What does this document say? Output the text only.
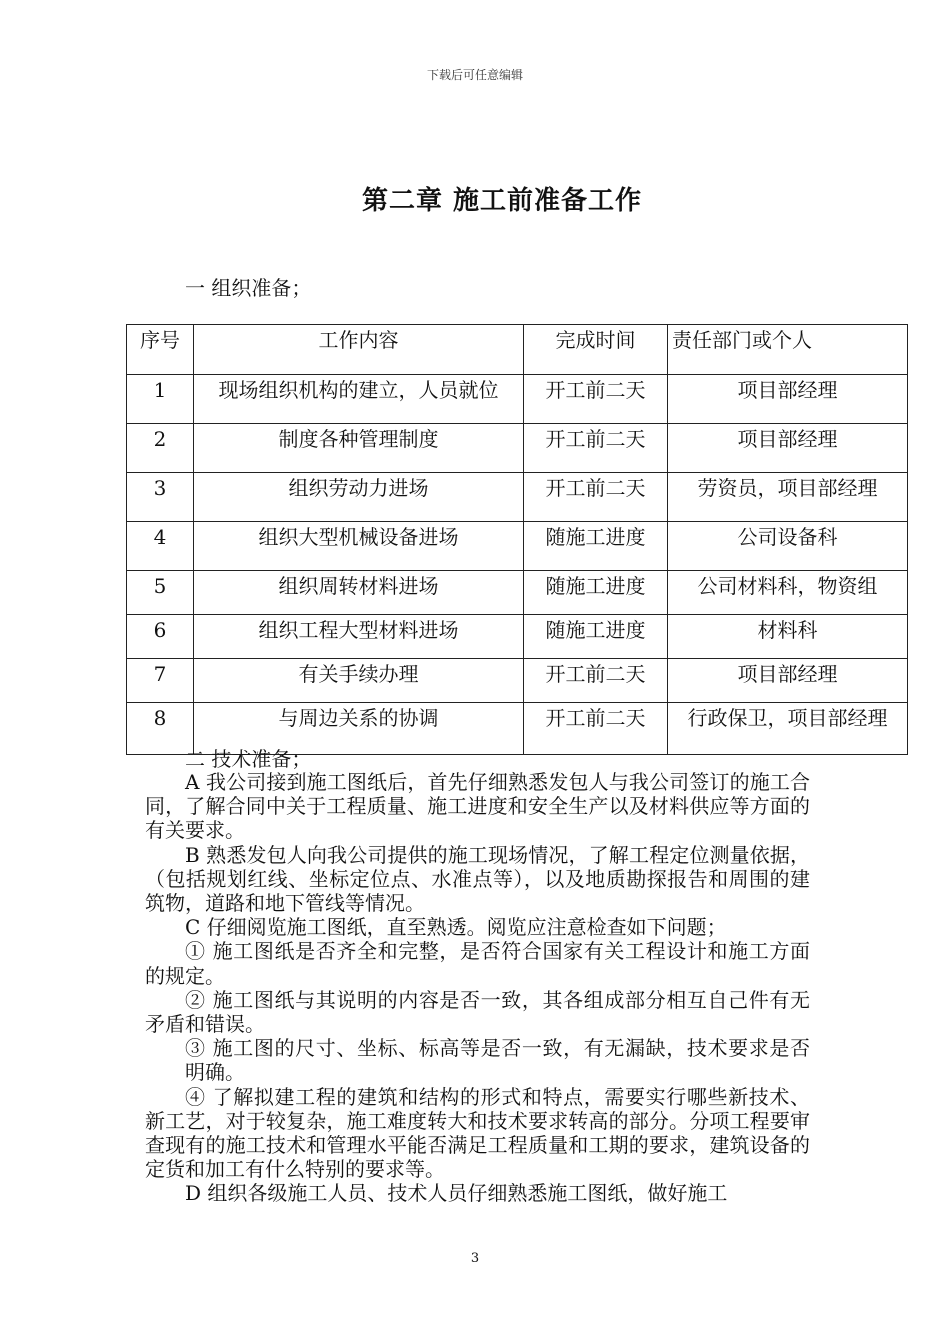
下载后可任意编辑
第二章 施工前准备工作
一 组织准备；
序号	工作内容	完成时间	责任部门或个人
1	现场组织机构的建立，人员就位	开工前二天	项目部经理
2	制度各种管理制度	开工前二天	项目部经理
3	组织劳动力进场	开工前二天	劳资员，项目部经理
4	组织大型机械设备进场	随施工进度	公司设备科
5	组织周转材料进场	随施工进度	公司材料科，物资组
6	组织工程大型材料进场	随施工进度	材料科
7	有关手续办理	开工前二天	项目部经理
8	与周边关系的协调	开工前二天	行政保卫，项目部经理
二 技术准备；

A 我公司接到施工图纸后，首先仔细熟悉发包人与我公司签订的施工合同，了解合同中关于工程质量、施工进度和安全生产以及材料供应等方面的有关要求。

B 熟悉发包人向我公司提供的施工现场情况，了解工程定位测量依据，（包括规划红线、坐标定位点、水准点等），以及地质勘探报告和周围的建筑物，道路和地下管线等情况。

C 仔细阅览施工图纸，直至熟透。阅览应注意检查如下问题；

① 施工图纸是否齐全和完整，是否符合国家有关工程设计和施工方面的规定。

② 施工图纸与其说明的内容是否一致，其各组成部分相互自己件有无矛盾和错误。

③ 施工图的尺寸、坐标、标高等是否一致，有无漏缺，技术要求是否明确。

④ 了解拟建工程的建筑和结构的形式和特点，需要实行哪些新技术、新工艺，对于较复杂，施工难度转大和技术要求转高的部分。分项工程要审查现有的施工技术和管理水平能否满足工程质量和工期的要求，建筑设备的定货和加工有什么特别的要求等。

D 组织各级施工人员、技术人员仔细熟悉施工图纸，做好施工

3
